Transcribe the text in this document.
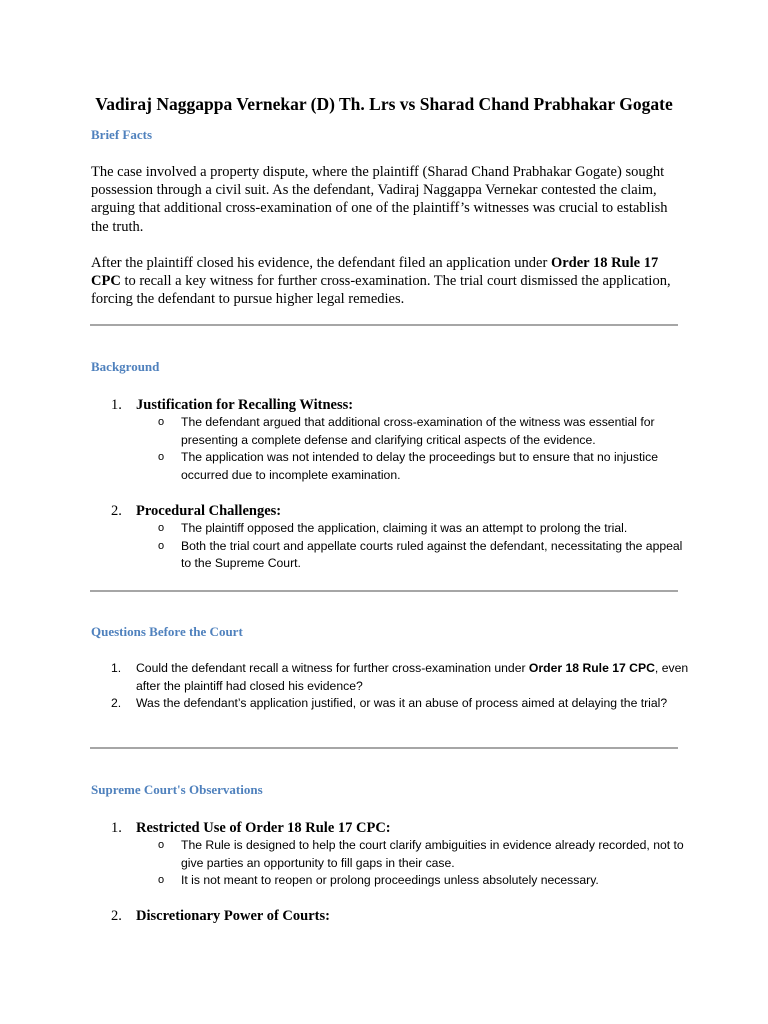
Vadiraj Naggappa Vernekar (D) Th. Lrs vs Sharad Chand Prabhakar Gogate
Brief Facts

The case involved a property dispute, where the plaintiff (Sharad Chand Prabhakar Gogate) sought possession through a civil suit. As the defendant, Vadiraj Naggappa Vernekar contested the claim, arguing that additional cross-examination of one of the plaintiff’s witnesses was crucial to establish the truth.

After the plaintiff closed his evidence, the defendant filed an application under Order 18 Rule 17 CPC to recall a key witness for further cross-examination. The trial court dismissed the application, forcing the defendant to pursue higher legal remedies.

Background
1. Justification for Recalling Witness:
o The defendant argued that additional cross-examination of the witness was essential for presenting a complete defense and clarifying critical aspects of the evidence.
o The application was not intended to delay the proceedings but to ensure that no injustice occurred due to incomplete examination.
2. Procedural Challenges:
o The plaintiff opposed the application, claiming it was an attempt to prolong the trial.
o Both the trial court and appellate courts ruled against the defendant, necessitating the appeal to the Supreme Court.
Questions Before the Court
1. Could the defendant recall a witness for further cross-examination under Order 18 Rule 17 CPC, even after the plaintiff had closed his evidence?
2. Was the defendant’s application justified, or was it an abuse of process aimed at delaying the trial?
Supreme Court's Observations
1. Restricted Use of Order 18 Rule 17 CPC:
o The Rule is designed to help the court clarify ambiguities in evidence already recorded, not to give parties an opportunity to fill gaps in their case.
o It is not meant to reopen or prolong proceedings unless absolutely necessary.
2. Discretionary Power of Courts:
